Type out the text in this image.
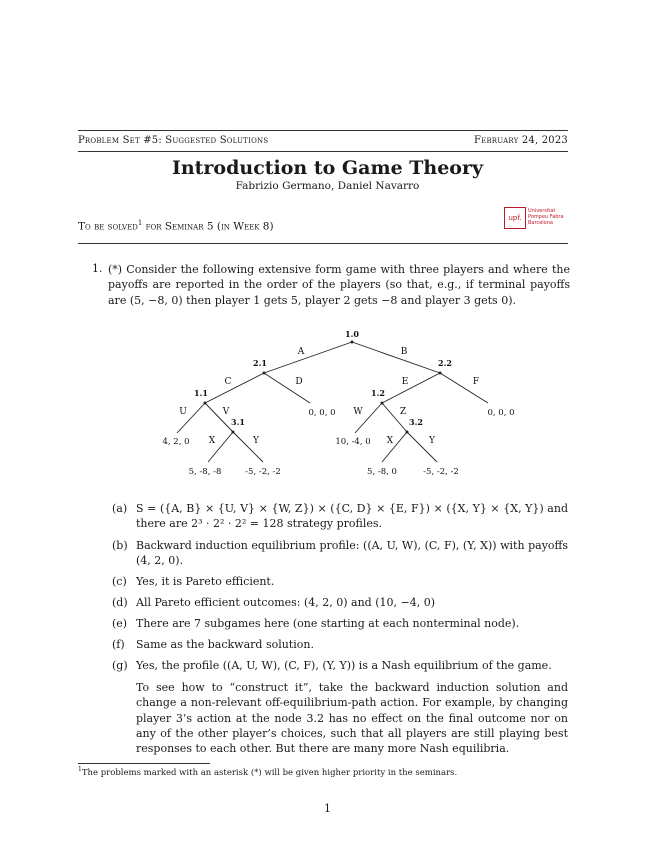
Problem Set #5: Suggested Solutions	February 24, 2023
Introduction to Game Theory
Fabrizio Germano, Daniel Navarro
To be solved$^1$ for Seminar 5 (in Week 8)
upf.
Universitat
Pompeu Fabra
Barcelona
1. (*) Consider the following extensive form game with three players and where the payoffs are reported in the order of the players (so that, e.g., if terminal payoffs are (5, −8, 0) then player 1 gets 5, player 2 gets −8 and player 3 gets 0).
1.0
2.1	2.2
1.1	1.2
3.1	3.2
A	B
C	D	E	F
U	V	W	Z
X	Y	X	Y
4, 2, 0
0, 0, 0	0, 0, 0
10, -4, 0
5, -8, -8	-5, -2, -2	5, -8, 0	-5, -2, -2
(a) S = ({A, B} × {U, V} × {W, Z}) × ({C, D} × {E, F}) × ({X, Y} × {X, Y}) and there are 2³ · 2² · 2² = 128 strategy profiles.
(b) Backward induction equilibrium profile: ((A, U, W), (C, F), (Y, X)) with payoffs (4, 2, 0).
(c) Yes, it is Pareto efficient.
(d) All Pareto efficient outcomes: (4, 2, 0) and (10, −4, 0)
(e) There are 7 subgames here (one starting at each nonterminal node).
(f)	Same as the backward solution.
(g) Yes, the profile ((A, U, W), (C, F), (Y, Y)) is a Nash equilibrium of the game.
To see how to “construct it”, take the backward induction solution and change a non-relevant off-equilibrium-path action. For example, by changing player 3’s action at the node 3.2 has no effect on the final outcome nor on any of the other player’s choices, such that all players are still playing best responses to each other. But there are many more Nash equilibria.
$^1$The problems marked with an asterisk (*) will be given higher priority in the seminars.
1
